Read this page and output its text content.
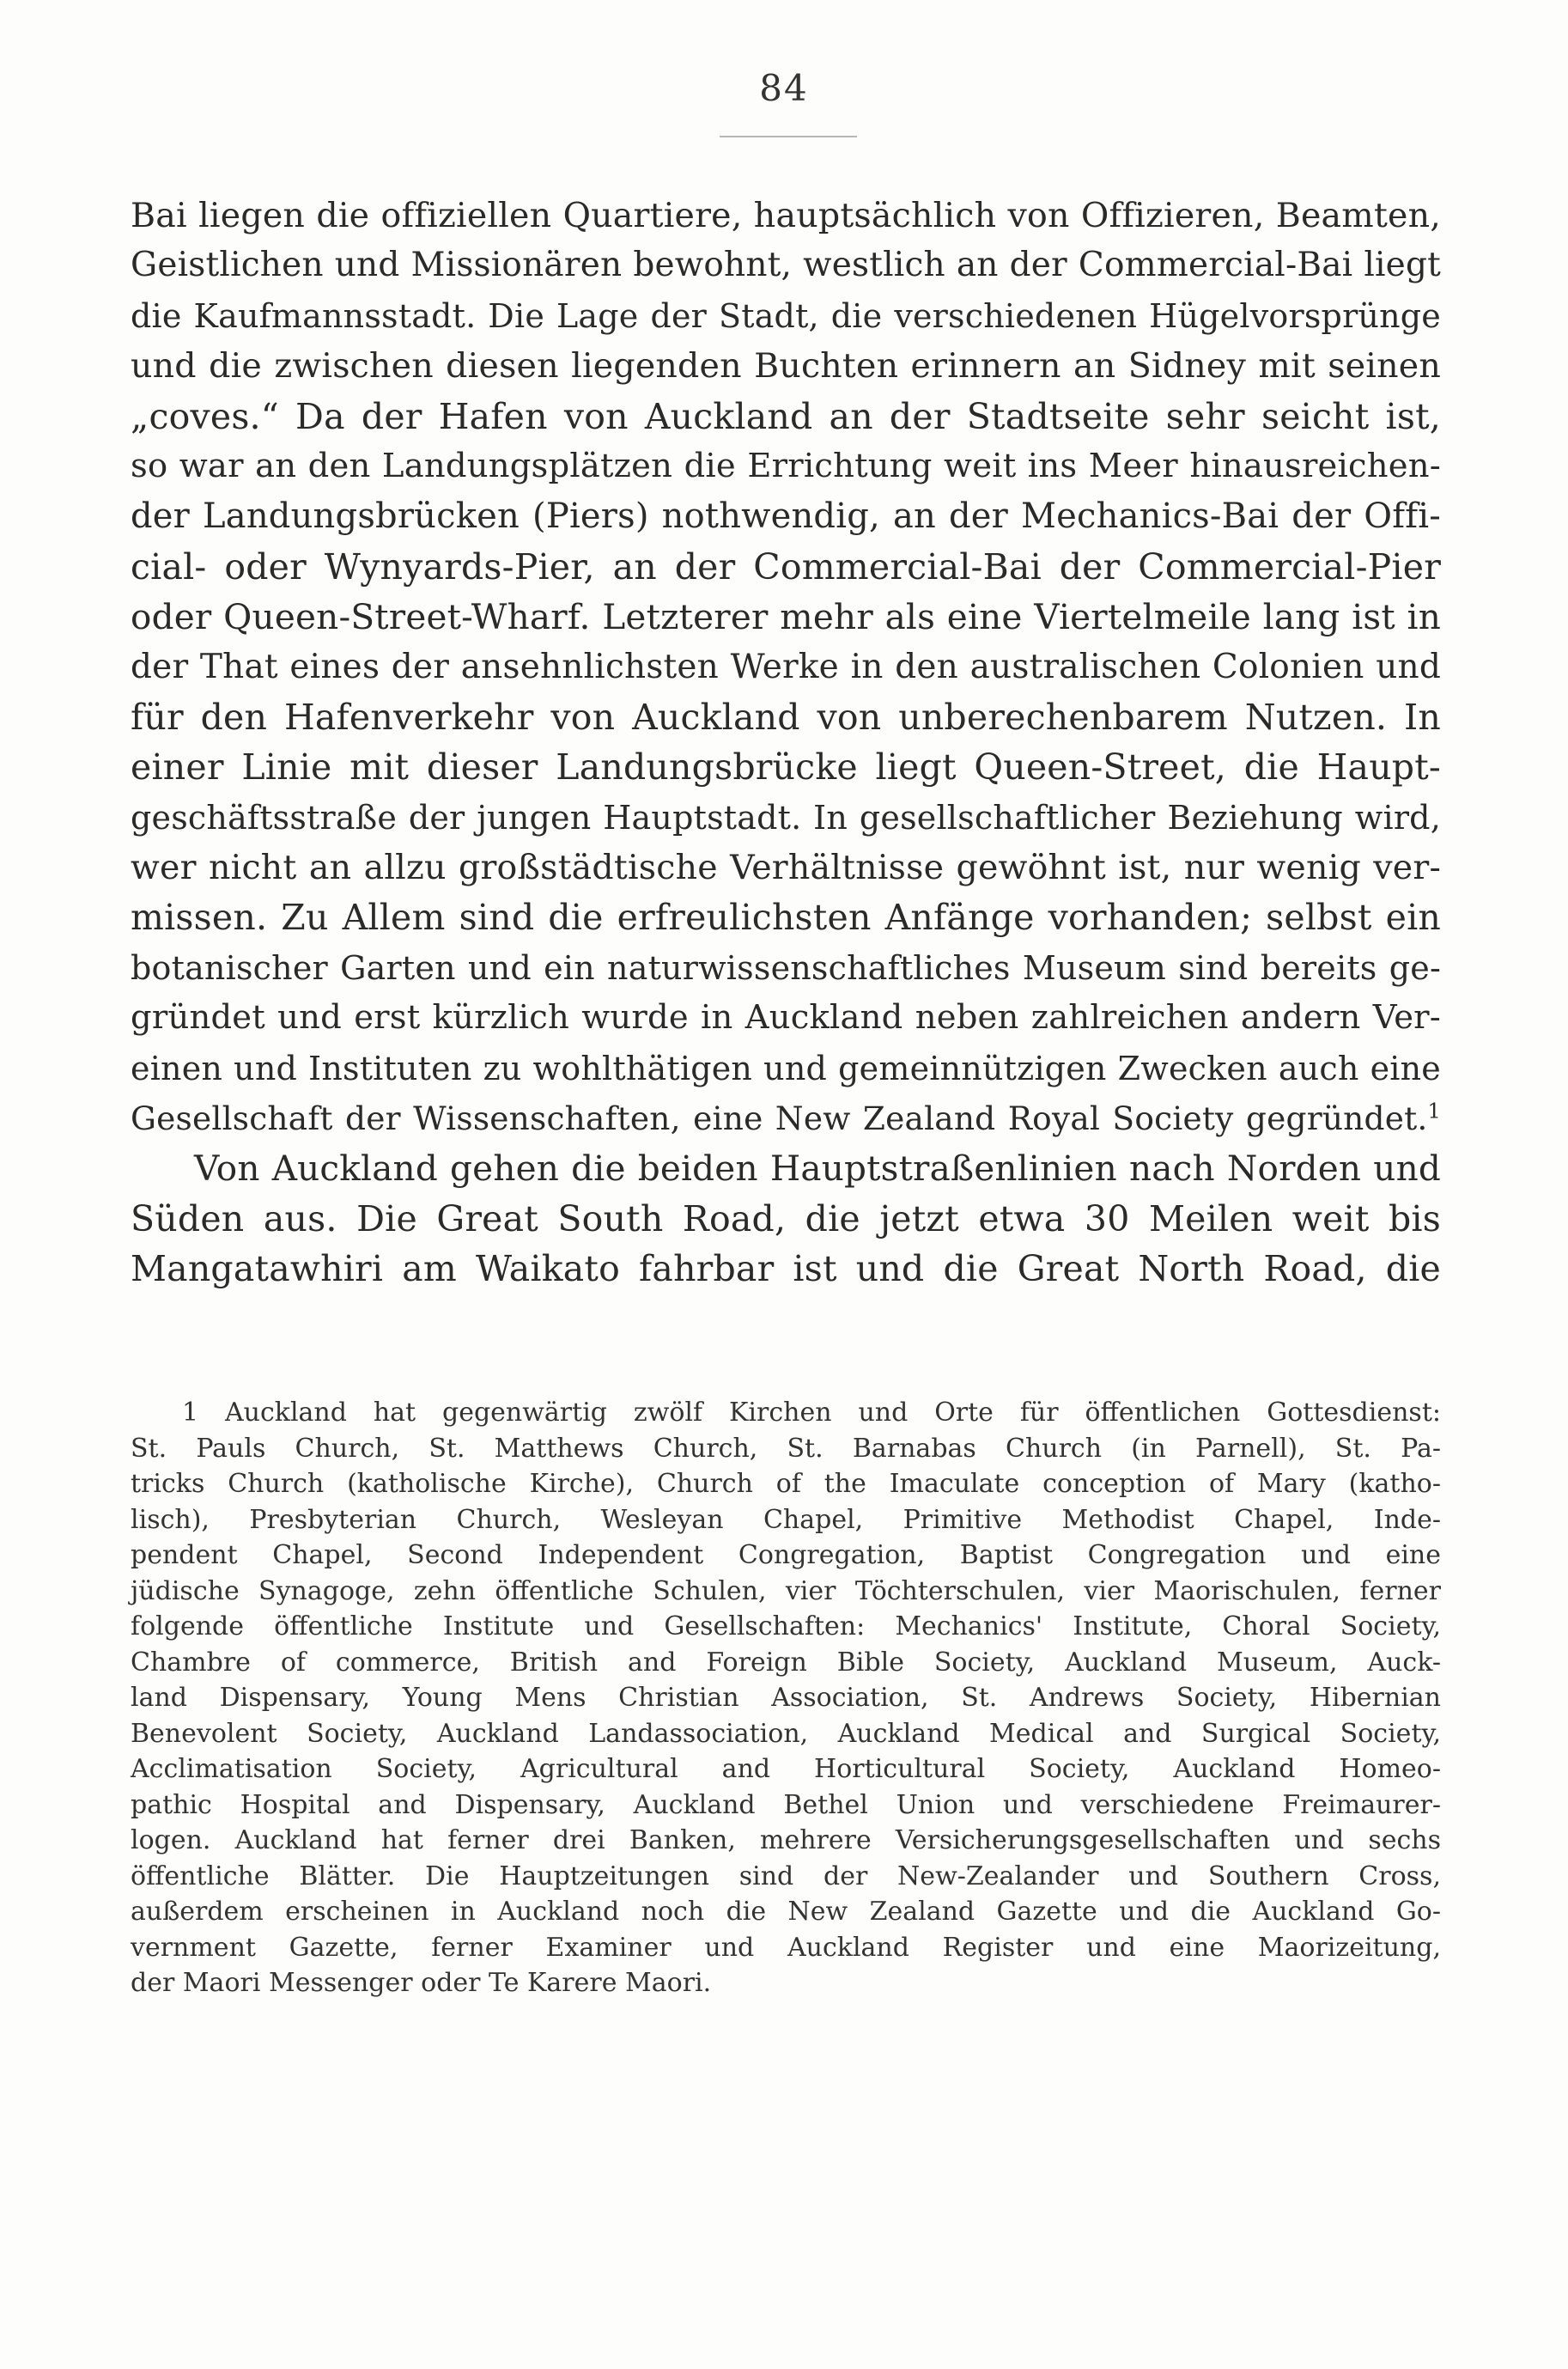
84
Bai liegen die offiziellen Quartiere, hauptsächlich von Offizieren, Beamten,
Geistlichen und Missionären bewohnt, westlich an der Commercial-Bai liegt
die Kaufmannsstadt. Die Lage der Stadt, die verschiedenen Hügelvorsprünge
und die zwischen diesen liegenden Buchten erinnern an Sidney mit seinen
„coves.“ Da der Hafen von Auckland an der Stadtseite sehr seicht ist,
so war an den Landungsplätzen die Errichtung weit ins Meer hinausreichen-
der Landungsbrücken (Piers) nothwendig, an der Mechanics-Bai der Offi-
cial- oder Wynyards-Pier, an der Commercial-Bai der Commercial-Pier
oder Queen-Street-Wharf. Letzterer mehr als eine Viertelmeile lang ist in
der That eines der ansehnlichsten Werke in den australischen Colonien und
für den Hafenverkehr von Auckland von unberechenbarem Nutzen. In
einer Linie mit dieser Landungsbrücke liegt Queen-Street, die Haupt-
geschäftsstraße der jungen Hauptstadt. In gesellschaftlicher Beziehung wird,
wer nicht an allzu großstädtische Verhältnisse gewöhnt ist, nur wenig ver-
missen. Zu Allem sind die erfreulichsten Anfänge vorhanden; selbst ein
botanischer Garten und ein naturwissenschaftliches Museum sind bereits ge-
gründet und erst kürzlich wurde in Auckland neben zahlreichen andern Ver-
einen und Instituten zu wohlthätigen und gemeinnützigen Zwecken auch eine
Gesellschaft der Wissenschaften, eine New Zealand Royal Society gegründet.$^1$
Von Auckland gehen die beiden Hauptstraßenlinien nach Norden und
Süden aus. Die Great South Road, die jetzt etwa 30 Meilen weit bis
Mangatawhiri am Waikato fahrbar ist und die Great North Road, die
1 Auckland hat gegenwärtig zwölf Kirchen und Orte für öffentlichen Gottesdienst:
St. Pauls Church, St. Matthews Church, St. Barnabas Church (in Parnell), St. Pa-
tricks Church (katholische Kirche), Church of the Imaculate conception of Mary (katho-
lisch), Presbyterian Church, Wesleyan Chapel, Primitive Methodist Chapel, Inde-
pendent Chapel, Second Independent Congregation, Baptist Congregation und eine
jüdische Synagoge, zehn öffentliche Schulen, vier Töchterschulen, vier Maorischulen, ferner
folgende öffentliche Institute und Gesellschaften: Mechanics' Institute, Choral Society,
Chambre of commerce, British and Foreign Bible Society, Auckland Museum, Auck-
land Dispensary, Young Mens Christian Association, St. Andrews Society, Hibernian
Benevolent Society, Auckland Landassociation, Auckland Medical and Surgical Society,
Acclimatisation Society, Agricultural and Horticultural Society, Auckland Homeo-
pathic Hospital and Dispensary, Auckland Bethel Union und verschiedene Freimaurer-
logen. Auckland hat ferner drei Banken, mehrere Versicherungsgesellschaften und sechs
öffentliche Blätter. Die Hauptzeitungen sind der New-Zealander und Southern Cross,
außerdem erscheinen in Auckland noch die New Zealand Gazette und die Auckland Go-
vernment Gazette, ferner Examiner und Auckland Register und eine Maorizeitung,
der Maori Messenger oder Te Karere Maori.
